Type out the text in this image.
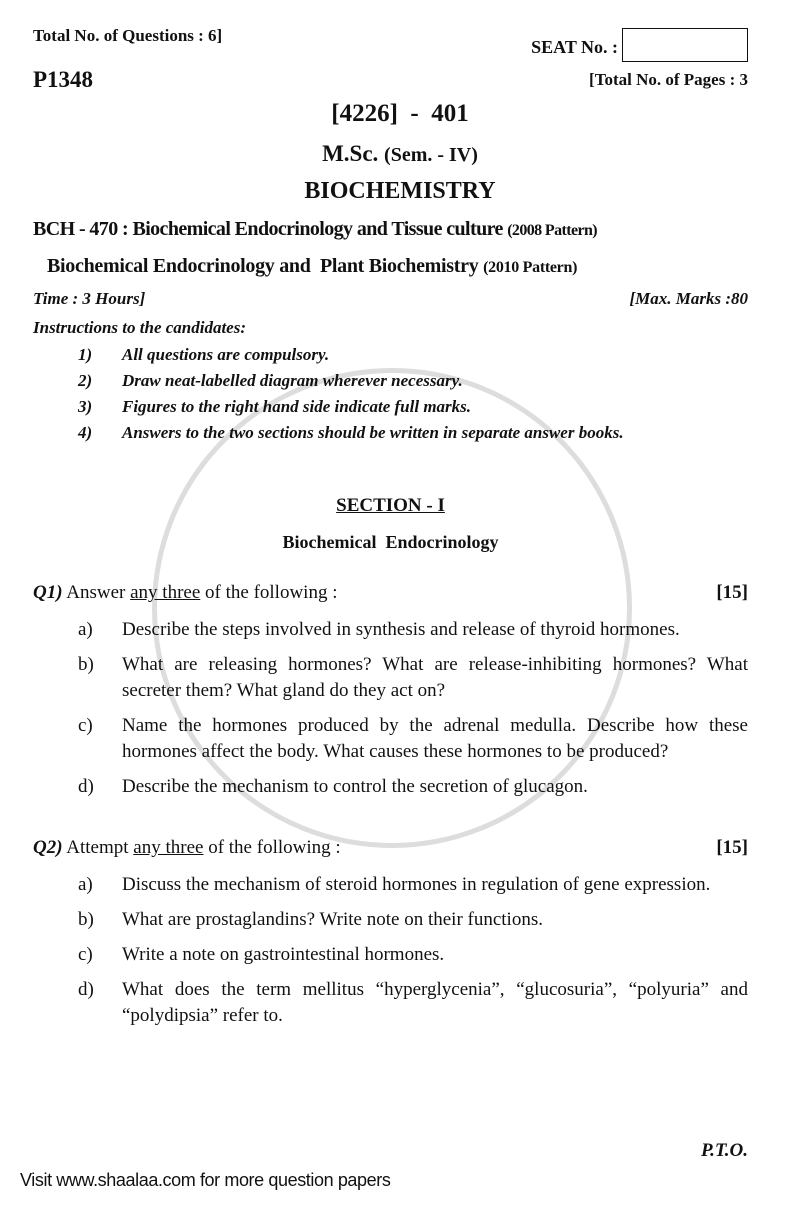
Total No. of Questions : 6]
SEAT No. :
P1348	[Total No. of Pages : 3
[4226]  -  401
M.Sc. (Sem. - IV)
BIOCHEMISTRY
BCH - 470 : Biochemical Endocrinology and Tissue culture (2008 Pattern)
Biochemical Endocrinology and  Plant Biochemistry (2010 Pattern)
Time : 3 Hours]	[Max. Marks :80
Instructions to the candidates:
1)	All questions are compulsory.
2)	Draw neat-labelled diagram wherever necessary.
3)	Figures to the right hand side indicate full marks.
4)	Answers to the two sections should be written in separate answer books.
SECTION - I
Biochemical  Endocrinology
Q1) Answer any three of the following :	[15]
a)	Describe the steps involved in synthesis and release of thyroid hormones.
b)	What are releasing hormones? What are release-inhibiting hormones? What secreter them? What gland do they act on?
c)	Name the hormones produced by the adrenal medulla. Describe how these hormones affect the body. What causes these hormones to be produced?
d)	Describe the mechanism to control the secretion of glucagon.
Q2) Attempt any three of the following :	[15]
a)	Discuss the mechanism of steroid hormones in regulation of gene expression.
b)	What are prostaglandins? Write note on their functions.
c)	Write a note on gastrointestinal hormones.
d)	What does the term mellitus “hyperglycenia”, “glucosuria”, “polyuria” and “polydipsia” refer to.
P.T.O.
Visit www.shaalaa.com for more question papers
